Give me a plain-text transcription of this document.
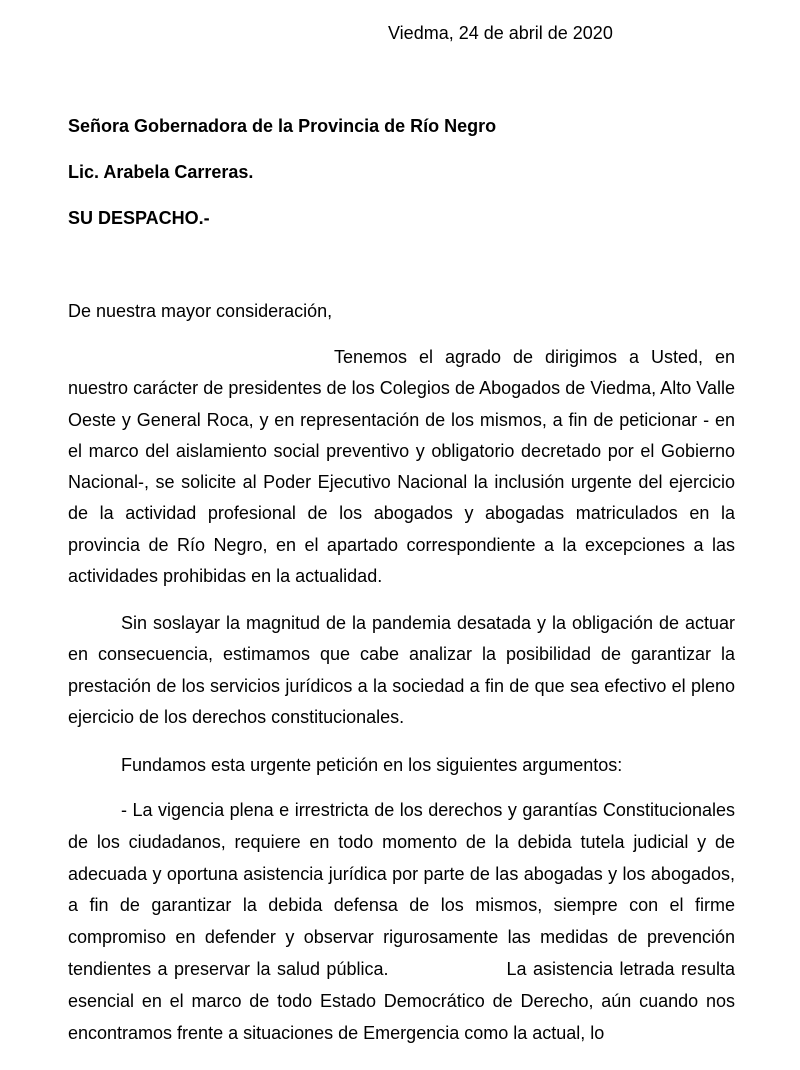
Viedma, 24 de abril de 2020

Señora Gobernadora de la Provincia de Río Negro

Lic. Arabela Carreras.

SU DESPACHO.-

De nuestra mayor consideración,

Tenemos el agrado de dirigimos a Usted, en nuestro carácter de presidentes de los Colegios de Abogados de Viedma, Alto Valle Oeste y General Roca, y en representación de los mismos, a fin de peticionar - en el marco del aislamiento social preventivo y obligatorio decretado por el Gobierno Nacional-, se solicite al Poder Ejecutivo Nacional la inclusión urgente del ejercicio de la actividad profesional de los abogados y abogadas matriculados en la provincia de Río Negro, en el apartado correspondiente a la excepciones a las actividades prohibidas en la actualidad.

Sin soslayar la magnitud de la pandemia desatada y la obligación de actuar en consecuencia, estimamos que cabe analizar la posibilidad de garantizar la prestación de los servicios jurídicos a la sociedad a fin de que sea efectivo el pleno ejercicio de los derechos constitucionales.

Fundamos esta urgente petición en los siguientes argumentos:

- La vigencia plena e irrestricta de los derechos y garantías Constitucionales de los ciudadanos, requiere en todo momento de la debida tutela judicial y de adecuada y oportuna asistencia jurídica por parte de las abogadas y los abogados, a fin de garantizar la debida defensa de los mismos, siempre con el firme compromiso en defender y observar rigurosamente las medidas de prevención tendientes a preservar la salud pública.	La asistencia letrada resulta esencial en el marco de todo Estado Democrático de Derecho, aún cuando nos encontramos frente a situaciones de Emergencia como la actual, lo
